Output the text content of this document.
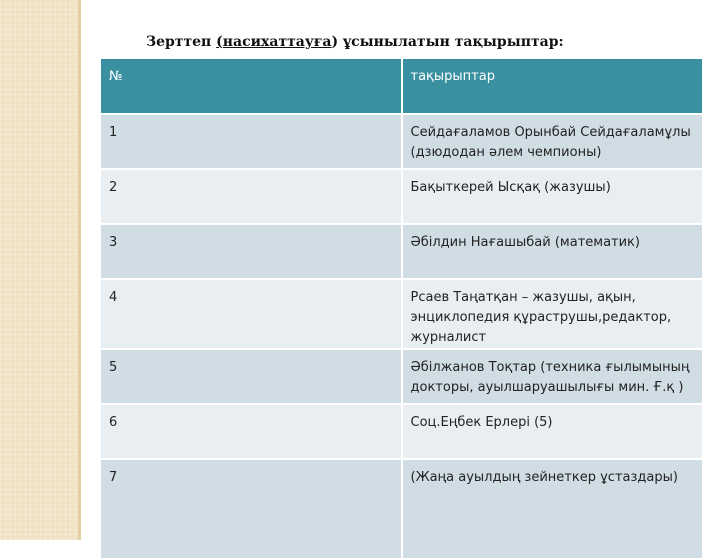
Зерттеп (насихаттауға) ұсынылатын тақырыптар:
№	тақырыптар
1	Сейдағаламов Орынбай Сейдағаламұлы (дзюдодан әлем чемпионы)
2	Бақыткерей Ысқақ (жазушы)
3	Әбілдин Нағашыбай (математик)
4	Рсаев Таңатқан – жазушы, ақын, энциклопедия құраструшы,редактор, журналист
5	Әбілжанов Тоқтар (техника ғылымының докторы, ауылшаруашылығы мин. Ғ.қ )
6	Соц.Еңбек Ерлері (5)
7	(Жаңа ауылдың зейнеткер ұстаздары)
